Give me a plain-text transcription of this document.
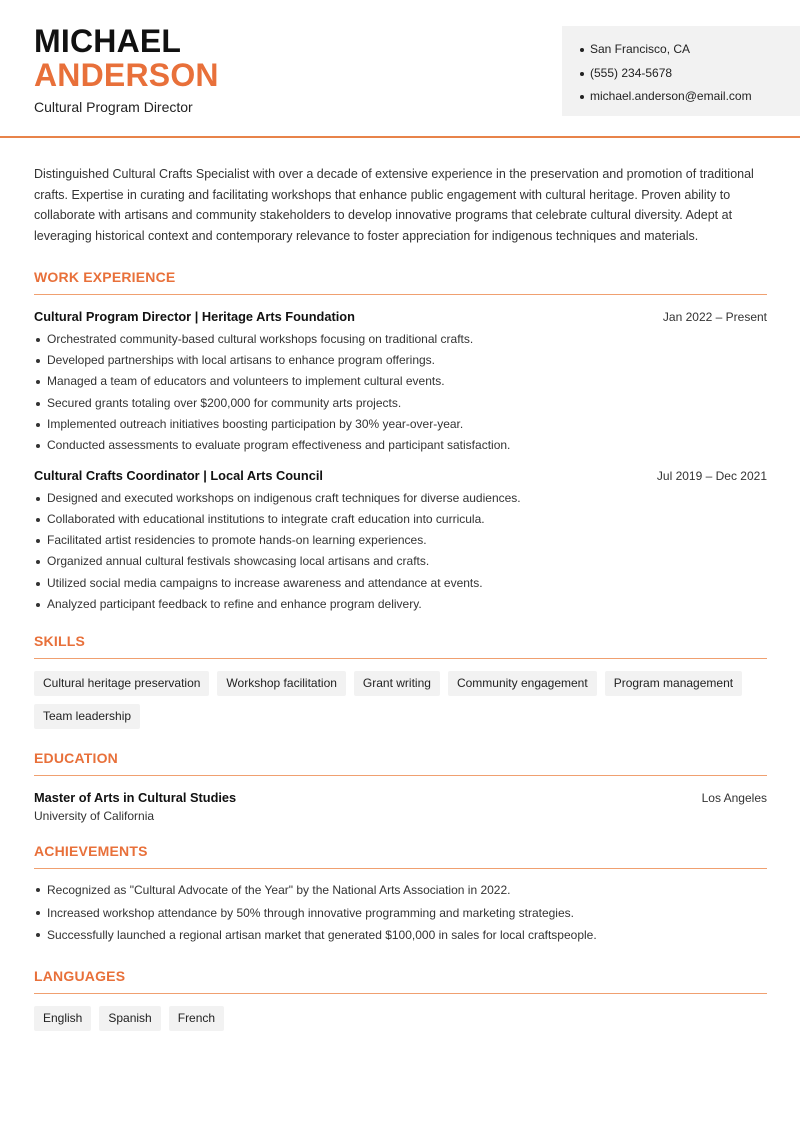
MICHAEL
ANDERSON
Cultural Program Director
San Francisco, CA
(555) 234-5678
michael.anderson@email.com

Distinguished Cultural Crafts Specialist with over a decade of extensive experience in the preservation and promotion of traditional crafts. Expertise in curating and facilitating workshops that enhance public engagement with cultural heritage. Proven ability to collaborate with artisans and community stakeholders to develop innovative programs that celebrate cultural diversity. Adept at leveraging historical context and contemporary relevance to foster appreciation for indigenous techniques and materials.

WORK EXPERIENCE
Cultural Program Director | Heritage Arts Foundation	Jan 2022 – Present
Orchestrated community-based cultural workshops focusing on traditional crafts.
Developed partnerships with local artisans to enhance program offerings.
Managed a team of educators and volunteers to implement cultural events.
Secured grants totaling over $200,000 for community arts projects.
Implemented outreach initiatives boosting participation by 30% year-over-year.
Conducted assessments to evaluate program effectiveness and participant satisfaction.
Cultural Crafts Coordinator | Local Arts Council	Jul 2019 – Dec 2021
Designed and executed workshops on indigenous craft techniques for diverse audiences.
Collaborated with educational institutions to integrate craft education into curricula.
Facilitated artist residencies to promote hands-on learning experiences.
Organized annual cultural festivals showcasing local artisans and crafts.
Utilized social media campaigns to increase awareness and attendance at events.
Analyzed participant feedback to refine and enhance program delivery.
SKILLS
Cultural heritage preservation	Workshop facilitation	Grant writing	Community engagement	Program management
Team leadership
EDUCATION
Master of Arts in Cultural Studies	Los Angeles
University of California
ACHIEVEMENTS
Recognized as "Cultural Advocate of the Year" by the National Arts Association in 2022.
Increased workshop attendance by 50% through innovative programming and marketing strategies.
Successfully launched a regional artisan market that generated $100,000 in sales for local craftspeople.
LANGUAGES
English	Spanish	French
